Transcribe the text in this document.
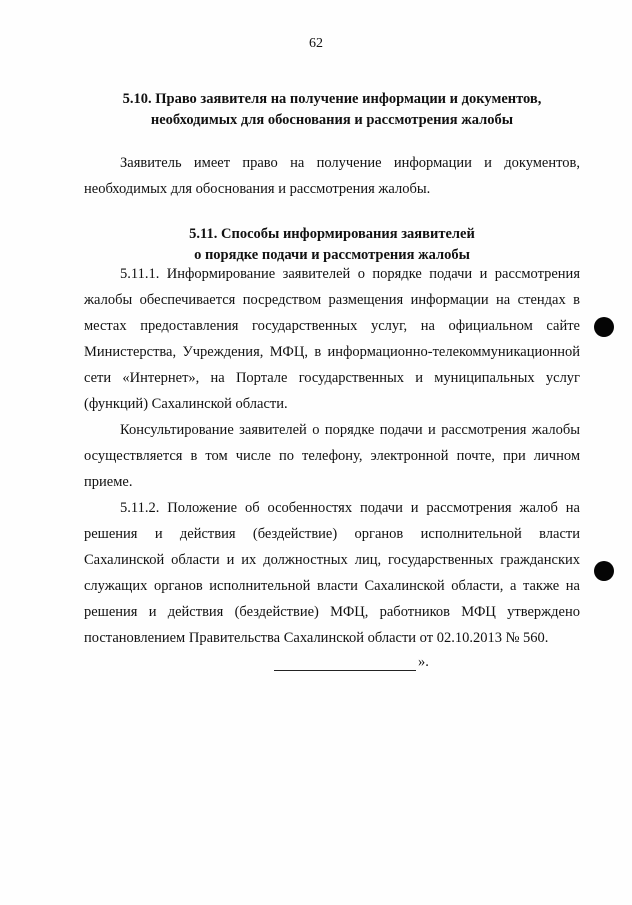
62
5.10. Право заявителя на получение информации и документов,
необходимых для обоснования и рассмотрения жалобы

Заявитель имеет право на получение информации и документов, необходимых для обоснования и рассмотрения жалобы.

5.11. Способы информирования заявителей
о порядке подачи и рассмотрения жалобы

5.11.1. Информирование заявителей о порядке подачи и рассмотрения жалобы обеспечивается посредством размещения информации на стендах в местах предоставления государственных услуг, на официальном сайте Министерства, Учреждения, МФЦ, в информационно-телекоммуникационной сети «Интернет», на Портале государственных и муниципальных услуг (функций) Сахалинской области.

Консультирование заявителей о порядке подачи и рассмотрения жалобы осуществляется в том числе по телефону, электронной почте, при личном приеме.

5.11.2. Положение об особенностях подачи и рассмотрения жалоб на решения и действия (бездействие) органов исполнительной власти Сахалинской области и их должностных лиц, государственных гражданских служащих органов исполнительной власти Сахалинской области, а также на решения и действия (бездействие) МФЦ, работников МФЦ утверждено постановлением Правительства Сахалинской области от 02.10.2013 № 560.

».
